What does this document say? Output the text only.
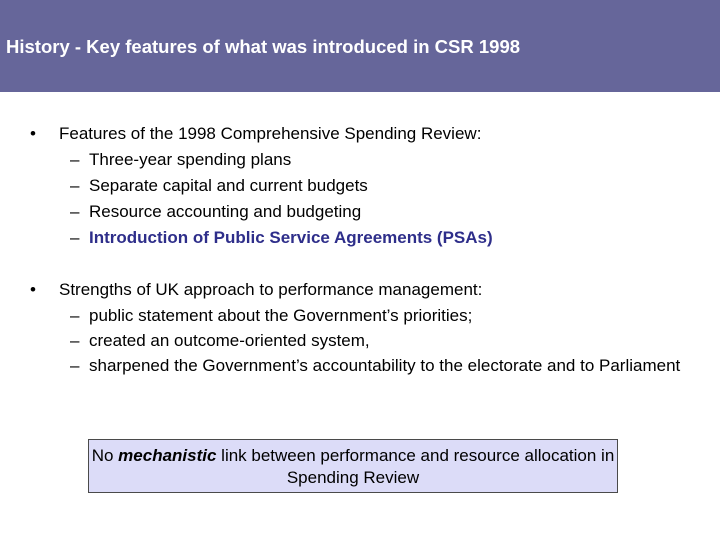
History - Key features of what was introduced in CSR 1998
• Features of the 1998 Comprehensive Spending Review:
– Three-year spending plans
– Separate capital and current budgets
– Resource accounting and budgeting
– Introduction of Public Service Agreements (PSAs)
• Strengths of UK approach to performance management:
– public statement about the Government’s priorities;
– created an outcome-oriented system,
– sharpened the Government’s accountability to the electorate and to Parliament
No mechanistic link between performance and resource allocation in Spending Review
